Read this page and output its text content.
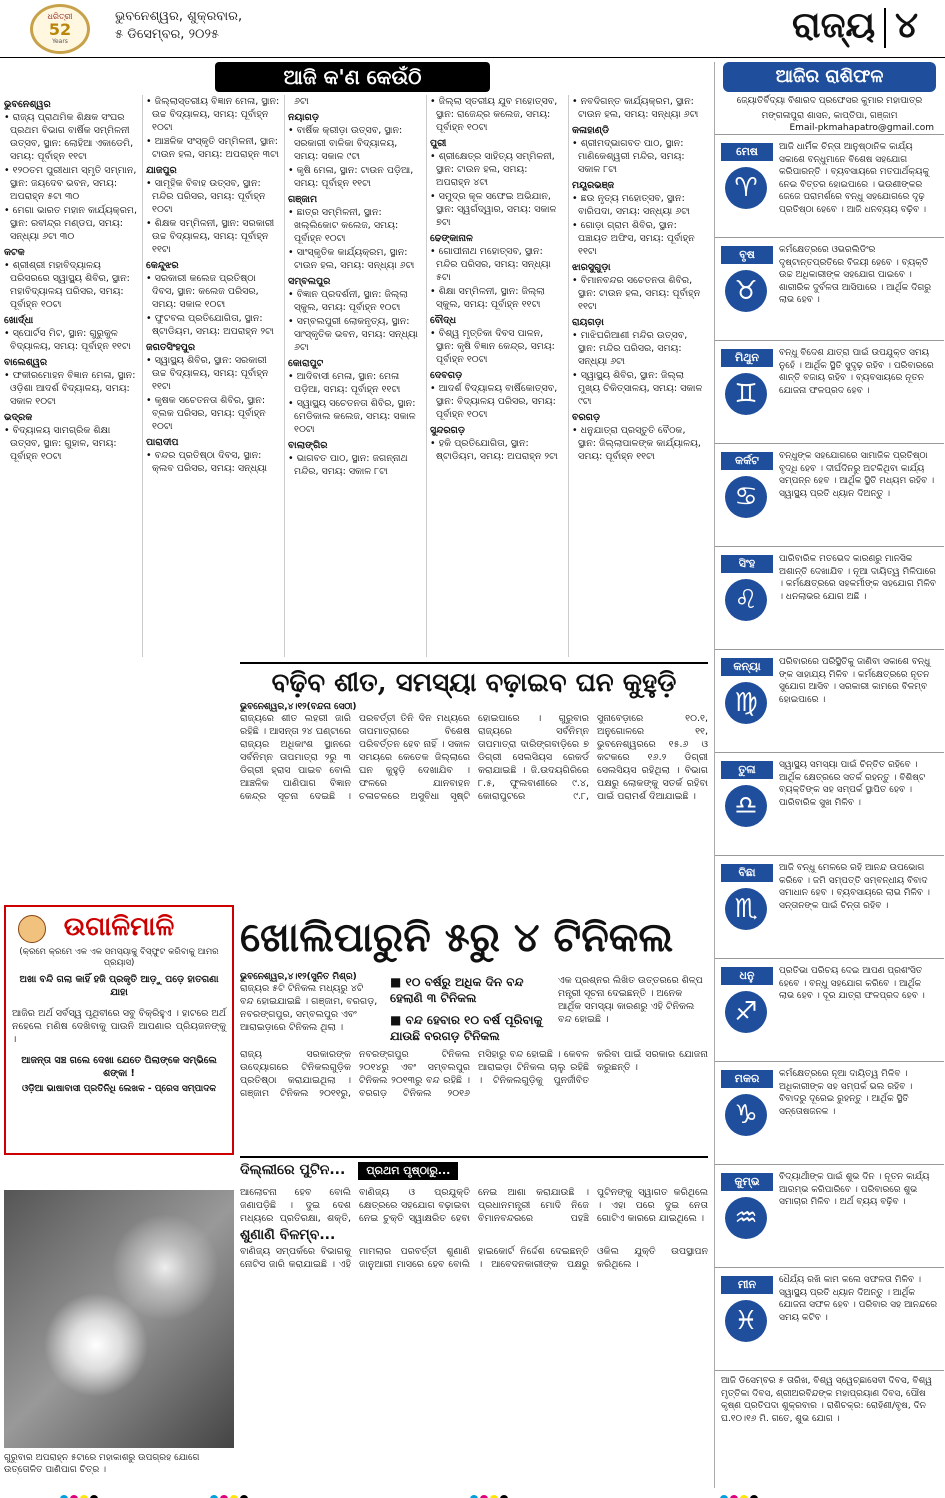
ଧରିତ୍ରୀ
52
Years
ଭୁବନେଶ୍ୱର, ଶୁକ୍ରବାର,
୫ ଡିସେମ୍ବର, ୨୦୨୫	ରାଜ୍ୟ ୪
ଆଜି କ'ଣ କେଉଁଠି
ଭୁବନେଶ୍ୱର
• ରାଜ୍ୟ ପ୍ରାଥମିକ ଶିକ୍ଷକ ସଂଘର ପ୍ରଥମ ବିଭାଗ ବାର୍ଷିକ ସମ୍ମିଳନୀ ଉତ୍ସବ, ସ୍ଥାନ: ଲୋହିଆ ଏକାଡେମି, ସମୟ: ପୂର୍ବାହ୍ନ ୧୧ଟା
• ୧୨୦ତମ ପୁରୀଧାମ ସ୍ମୃତି ସମ୍ମାନ, ସ୍ଥାନ: ଜୟଦେବ ଭବନ, ସମୟ: ଅପରାହ୍ନ ୫ଟା ୩୦
• ମେଗା ଭାରତ ମହାନ କାର୍ଯ୍ୟକ୍ରମ, ସ୍ଥାନ: ରବୀନ୍ଦ୍ର ମଣ୍ଡପ, ସମୟ: ସନ୍ଧ୍ୟା ୬ଟା ୩୦
କଟକ
• ଶ୍ରୀଶ୍ରୀ ମହାବିଦ୍ୟାଳୟ ପରିସରରେ ସ୍ୱାସ୍ଥ୍ୟ ଶିବିର, ସ୍ଥାନ: ମହାବିଦ୍ୟାଳୟ ପରିସର, ସମୟ: ପୂର୍ବାହ୍ନ ୧୦ଟା
ଖୋର୍ଦ୍ଧା
• ସ୍ପୋର୍ଟସ ମିଟ, ସ୍ଥାନ: ଗୁରୁକୁଳ ବିଦ୍ୟାଳୟ, ସମୟ: ପୂର୍ବାହ୍ନ ୧୧ଟା
ବାଲେଶ୍ୱର
• ଫକୀରମୋହନ ବିଜ୍ଞାନ ମେଳା, ସ୍ଥାନ: ଓଡ଼ିଶା ଆଦର୍ଶ ବିଦ୍ୟାଳୟ, ସମୟ: ସକାଳ ୧୦ଟା
ଭଦ୍ରକ
• ବିଦ୍ୟାଳୟ ସାମଗ୍ରିକ ଶିକ୍ଷା ଉତ୍ସବ, ସ୍ଥାନ: ଗୁହାଳ, ସମୟ: ପୂର୍ବାହ୍ନ ୧୦ଟା
• ଜିଲ୍ଲାସ୍ତରୀୟ ବିଜ୍ଞାନ ମେଳା, ସ୍ଥାନ: ଉଚ୍ଚ ବିଦ୍ୟାଳୟ, ସମୟ: ପୂର୍ବାହ୍ନ ୧୦ଟା
• ଆଞ୍ଚଳିକ ସଂସ୍କୃତି ସମ୍ମିଳନୀ, ସ୍ଥାନ: ଟାଉନ ହଲ, ସମୟ: ଅପରାହ୍ନ ୩ଟା
ଯାଜପୁର
• ସାମୂହିକ ବିବାହ ଉତ୍ସବ, ସ୍ଥାନ: ମନ୍ଦିର ପରିସର, ସମୟ: ପୂର୍ବାହ୍ନ ୧୦ଟା
• ଶିକ୍ଷକ ସମ୍ମିଳନୀ, ସ୍ଥାନ: ସରକାରୀ ଉଚ୍ଚ ବିଦ୍ୟାଳୟ, ସମୟ: ପୂର୍ବାହ୍ନ ୧୧ଟା
କେନ୍ଦୁଝର
• ସରକାରୀ କଲେଜ ପ୍ରତିଷ୍ଠା ଦିବସ, ସ୍ଥାନ: କଲେଜ ପରିସର, ସମୟ: ସକାଳ ୧୦ଟା
• ଫୁଟବଲ ପ୍ରତିଯୋଗିତା, ସ୍ଥାନ: ଷ୍ଟାଡିୟମ, ସମୟ: ଅପରାହ୍ନ ୨ଟା
ଜଗତସିଂହପୁର
• ସ୍ୱାସ୍ଥ୍ୟ ଶିବିର, ସ୍ଥାନ: ସରକାରୀ ଉଚ୍ଚ ବିଦ୍ୟାଳୟ, ସମୟ: ପୂର୍ବାହ୍ନ ୧୧ଟା
• କୃଷକ ସଚେତନତା ଶିବିର, ସ୍ଥାନ: ବ୍ଲକ ପରିସର, ସମୟ: ପୂର୍ବାହ୍ନ ୧୦ଟା
ପାରାଦୀପ
• ବନ୍ଦର ପ୍ରତିଷ୍ଠା ଦିବସ, ସ୍ଥାନ: କ୍ଲବ ପରିସର, ସମୟ: ସନ୍ଧ୍ୟା ୬ଟା
ନୟାଗଡ଼
• ବାର୍ଷିକ କ୍ରୀଡ଼ା ଉତ୍ସବ, ସ୍ଥାନ: ସରକାରୀ ବାଳିକା ବିଦ୍ୟାଳୟ, ସମୟ: ସକାଳ ୯ଟା
• କୃଷି ମେଳା, ସ୍ଥାନ: ଟାଉନ ପଡ଼ିଆ, ସମୟ: ପୂର୍ବାହ୍ନ ୧୧ଟା
ଗଞ୍ଜାମ
• ଛାତ୍ର ସମ୍ମିଳନୀ, ସ୍ଥାନ: ଖଲ୍ଲିକୋଟ କଲେଜ, ସମୟ: ପୂର୍ବାହ୍ନ ୧୦ଟା
• ସାଂସ୍କୃତିକ କାର୍ଯ୍ୟକ୍ରମ, ସ୍ଥାନ: ଟାଉନ ହଲ, ସମୟ: ସନ୍ଧ୍ୟା ୬ଟା
ସମ୍ବଲପୁର
• ବିଜ୍ଞାନ ପ୍ରଦର୍ଶନୀ, ସ୍ଥାନ: ଜିଲ୍ଲା ସ୍କୁଲ, ସମୟ: ପୂର୍ବାହ୍ନ ୧୦ଟା
• ସମ୍ବଲପୁରୀ ଲୋକନୃତ୍ୟ, ସ୍ଥାନ: ସାଂସ୍କୃତିକ ଭବନ, ସମୟ: ସନ୍ଧ୍ୟା ୬ଟା
କୋରାପୁଟ
• ଆଦିବାସୀ ମେଳା, ସ୍ଥାନ: ମେଳା ପଡ଼ିଆ, ସମୟ: ପୂର୍ବାହ୍ନ ୧୧ଟା
• ସ୍ୱାସ୍ଥ୍ୟ ସଚେତନତା ଶିବିର, ସ୍ଥାନ: ମେଡିକାଲ କଲେଜ, ସମୟ: ସକାଳ ୧୦ଟା
ବାଲାଙ୍ଗିର
• ଭାଗବତ ପାଠ, ସ୍ଥାନ: ଜଗନ୍ନାଥ ମନ୍ଦିର, ସମୟ: ସକାଳ ୮ଟା
• ଜିଲ୍ଲା ସ୍ତରୀୟ ଯୁବ ମହୋତ୍ସବ, ସ୍ଥାନ: ରାଜେନ୍ଦ୍ର କଲେଜ, ସମୟ: ପୂର୍ବାହ୍ନ ୧୦ଟା
ପୁରୀ
• ଶ୍ରୀକ୍ଷେତ୍ର ସାହିତ୍ୟ ସମ୍ମିଳନୀ, ସ୍ଥାନ: ଟାଉନ ହଲ, ସମୟ: ଅପରାହ୍ନ ୪ଟା
• ସମୁଦ୍ର କୂଳ ସଫେଇ ଅଭିଯାନ, ସ୍ଥାନ: ସ୍ୱର୍ଗଦ୍ୱାର, ସମୟ: ସକାଳ ୭ଟା
ଢେଙ୍କାନାଳ
• ଗୋପୀନାଥ ମହୋତ୍ସବ, ସ୍ଥାନ: ମନ୍ଦିର ପରିସର, ସମୟ: ସନ୍ଧ୍ୟା ୫ଟା
• ଶିକ୍ଷା ସମ୍ମିଳନୀ, ସ୍ଥାନ: ଜିଲ୍ଲା ସ୍କୁଲ, ସମୟ: ପୂର୍ବାହ୍ନ ୧୧ଟା
ବୌଦ୍ଧ
• ବିଶ୍ୱ ମୃତ୍ତିକା ଦିବସ ପାଳନ, ସ୍ଥାନ: କୃଷି ବିଜ୍ଞାନ କେନ୍ଦ୍ର, ସମୟ: ପୂର୍ବାହ୍ନ ୧୦ଟା
ଦେବଗଡ଼
• ଆଦର୍ଶ ବିଦ୍ୟାଳୟ ବାର୍ଷିକୋତ୍ସବ, ସ୍ଥାନ: ବିଦ୍ୟାଳୟ ପରିସର, ସମୟ: ପୂର୍ବାହ୍ନ ୧୦ଟା
ସୁନ୍ଦରଗଡ଼
• ହକି ପ୍ରତିଯୋଗିତା, ସ୍ଥାନ: ଷ୍ଟାଡିୟମ, ସମୟ: ଅପରାହ୍ନ ୨ଟା
• ନବଦିଗନ୍ତ କାର୍ଯ୍ୟକ୍ରମ, ସ୍ଥାନ: ଟାଉନ ହଲ, ସମୟ: ସନ୍ଧ୍ୟା ୬ଟା
କଳାହାଣ୍ଡି
• ଶ୍ରୀମଦ୍ଭାଗବତ ପାଠ, ସ୍ଥାନ: ମାଣିକେଶ୍ୱରୀ ମନ୍ଦିର, ସମୟ: ସକାଳ ୮ଟା
ମୟୂରଭଞ୍ଜ
• ଛଉ ନୃତ୍ୟ ମହୋତ୍ସବ, ସ୍ଥାନ: ବାରିପଦା, ସମୟ: ସନ୍ଧ୍ୟା ୬ଟା
• ଗୋଡ଼ା ଗ୍ରାମ ଶିବିର, ସ୍ଥାନ: ପଞ୍ଚାୟତ ଅଫିସ, ସମୟ: ପୂର୍ବାହ୍ନ ୧୧ଟା
ଝାରସୁଗୁଡ଼ା
• ବିମାନବନ୍ଦର ସଚେତନତା ଶିବିର, ସ୍ଥାନ: ଟାଉନ ହଲ, ସମୟ: ପୂର୍ବାହ୍ନ ୧୧ଟା
ରାୟଗଡ଼ା
• ମାଝିଘରିଆଣୀ ମନ୍ଦିର ଉତ୍ସବ, ସ୍ଥାନ: ମନ୍ଦିର ପରିସର, ସମୟ: ସନ୍ଧ୍ୟା ୬ଟା
• ସ୍ୱାସ୍ଥ୍ୟ ଶିବିର, ସ୍ଥାନ: ଜିଲ୍ଲା ମୁଖ୍ୟ ଚିକିତ୍ସାଳୟ, ସମୟ: ସକାଳ ୯ଟା
ବରଗଡ଼
• ଧନୁଯାତ୍ରା ପ୍ରସ୍ତୁତି ବୈଠକ, ସ୍ଥାନ: ଜିଲ୍ଲାପାଳଙ୍କ କାର୍ଯ୍ୟାଳୟ, ସମୟ: ପୂର୍ବାହ୍ନ ୧୧ଟା
ଆଜିର ରାଶିଫଳ
ଜ୍ୟୋତିର୍ବିଦ୍ୟା ବିଶାରଦ ପ୍ରଫେସର କୁମାର ମହାପାତ୍ର
ମଙ୍ଗଳାପୁରା ଶାସନ, କାପ୍ତିପା, ଗଞ୍ଜାମ
Email-pkmahapatro@gmail.com
ମେଷ
♈
ଆଜି ଧାର୍ମିକ ଚିନ୍ତା ଆନୁଷ୍ଠାନିକ କାର୍ଯ୍ୟ ସକାଶେ ବନ୍ଧୁମାନେ ବିଶେଷ ସହଯୋଗ କରିପାରନ୍ତି । ବ୍ୟବସାୟରେ ମତପାର୍ଥକ୍ୟକୁ ନେଇ ବିତ୍ତର ହୋଇପାରେ । ଭଉଣୀଙ୍କର ଜେଜେ ପରାମର୍ଶରେ ବନ୍ଧୁ ସହଯୋଗରେ ଦୃଢ଼ ପ୍ରତିଷ୍ଠା ହେବେ । ଆଜି ଧନବ୍ୟୟ ବଢ଼ିବ ।
ବୃଷ
♉
କର୍ମକ୍ଷେତ୍ରରେ ଓଭରଲିଡିଂର ଦୃଷ୍ଟାନ୍ତପ୍ରତିରେ ବିଜୟୀ ହେବେ । ବ୍ୟକ୍ତି ଉଚ୍ଚ ଅଧିକାରୀଙ୍କ ସହଯୋଗ ପାଇବେ । ଶାରୀରିକ ଦୁର୍ବଳତା ଆସିପାରେ । ଆର୍ଥିକ ଦିଗରୁ ଲାଭ ହେବ ।
ମିଥୁନ
♊
ବନ୍ଧୁ ବିଦେଶ ଯାତ୍ରା ପାଇଁ ଉପଯୁକ୍ତ ସମୟ ନୁହେଁ । ଆର୍ଥିକ ସ୍ଥିତି ସୁଦୃଢ଼ ରହିବ । ପରିବାରରେ ଶାନ୍ତି ବଜାୟ ରହିବ । ବ୍ୟବସାୟରେ ନୂତନ ଯୋଜନା ଫଳପ୍ରଦ ହେବ ।
କର୍କଟ
♋
ବନ୍ଧୁଙ୍କ ସହଯୋଗରେ ସାମାଜିକ ପ୍ରତିଷ୍ଠା ବୃଦ୍ଧି ହେବ । ଦୀର୍ଘଦିନରୁ ଅଟକିଥିବା କାର୍ଯ୍ୟ ସମ୍ପନ୍ନ ହେବ । ଆର୍ଥିକ ସ୍ଥିତି ମଧ୍ୟମ ରହିବ । ସ୍ୱାସ୍ଥ୍ୟ ପ୍ରତି ଧ୍ୟାନ ଦିଅନ୍ତୁ ।
ସିଂହ
♌
ପାରିବାରିକ ମତଭେଦ କାରଣରୁ ମାନସିକ ଅଶାନ୍ତି ଦେଖାଯିବ । ନୂଆ ଦାୟିତ୍ୱ ମିଳିପାରେ । କର୍ମକ୍ଷେତ୍ରରେ ସହକର୍ମୀଙ୍କ ସହଯୋଗ ମିଳିବ । ଧନଲାଭର ଯୋଗ ଅଛି ।
କନ୍ୟା
♍
ପରିବାରରେ ପରିସ୍ଥିତିକୁ ଜାଣିବା ସକାଶେ ବନ୍ଧୁ ଙ୍କ ସାହାଯ୍ୟ ମିଳିବ । କର୍ମକ୍ଷେତ୍ରରେ ନୂତନ ସୁଯୋଗ ଆସିବ । ସରକାରୀ କାମରେ ବିଳମ୍ବ ହୋଇପାରେ ।
ତୁଳା
♎
ସ୍ୱାସ୍ଥ୍ୟ ସମସ୍ୟା ପାଇଁ ଚିନ୍ତିତ ରହିବେ । ଆର୍ଥିକ କ୍ଷେତ୍ରରେ ସତର୍କ ରହନ୍ତୁ । ବିଶିଷ୍ଟ ବ୍ୟକ୍ତିଙ୍କ ସହ ସମ୍ପର୍କ ସ୍ଥାପିତ ହେବ । ପାରିବାରିକ ସୁଖ ମିଳିବ ।
ବିଛା
♏
ଆଜି ବନ୍ଧୁ ମେଳରେ ରହି ଆନନ୍ଦ ଉପଭୋଗ କରିବେ । ଜମି ସମ୍ପତ୍ତି ସମ୍ବନ୍ଧୀୟ ବିବାଦ ସମାଧାନ ହେବ । ବ୍ୟବସାୟରେ ଲାଭ ମିଳିବ । ସନ୍ତାନଙ୍କ ପାଇଁ ଚିନ୍ତା ରହିବ ।
ଧନୁ
♐
ପ୍ରତିଭା ପରିଚୟ ଦେଇ ଆପଣ ପ୍ରଶଂସିତ ହେବେ । ବନ୍ଧୁ ସହଯୋଗ କରିବେ । ଆର୍ଥିକ ଲାଭ ହେବ । ଦୂର ଯାତ୍ରା ଫଳପ୍ରଦ ହେବ ।
ମକର
♑
କର୍ମକ୍ଷେତ୍ରରେ ନୂଆ ଦାୟିତ୍ୱ ମିଳିବ । ଅଧିକାରୀଙ୍କ ସହ ସମ୍ପର୍କ ଭଲ ରହିବ । ବିବାଦରୁ ଦୂରେଇ ରୁହନ୍ତୁ । ଆର୍ଥିକ ସ୍ଥିତି ସନ୍ତୋଷଜନକ ।
କୁମ୍ଭ
♒
ବିଦ୍ୟାର୍ଥୀଙ୍କ ପାଇଁ ଶୁଭ ଦିନ । ନୂତନ କାର୍ଯ୍ୟ ଆରମ୍ଭ କରିପାରିବେ । ପରିବାରରେ ଶୁଭ ସମାଚାର ମିଳିବ । ଅର୍ଥ ବ୍ୟୟ ବଢ଼ିବ ।
ମୀନ
♓
ଧୈର୍ଯ୍ୟ ରଖି କାମ କଲେ ସଫଳତା ମିଳିବ । ସ୍ୱାସ୍ଥ୍ୟ ପ୍ରତି ଧ୍ୟାନ ଦିଅନ୍ତୁ । ଆର୍ଥିକ ଯୋଜନା ସଫଳ ହେବ । ପରିବାର ସହ ଆନନ୍ଦରେ ସମୟ କଟିବ ।
ଆଜି ଡିସେମ୍ବର ୫ ତାରିଖ, ବିଶ୍ୱ ସ୍ୱେଚ୍ଛାସେବୀ ଦିବସ, ବିଶ୍ୱ ମୃତ୍ତିକା ଦିବସ, ଶ୍ରୀଅରବିନ୍ଦଙ୍କ ମହାପ୍ରୟାଣ ଦିବସ, ପୌଷ କୃଷ୍ଣ ପ୍ରତିପଦା ଶୁକ୍ରବାର । ରାଶିଚକ୍ର: ରୋହିଣୀ/ବୃଷ, ଦିନ ଘ.୧୦।୧୬ ମି. ଗତେ, ଶୁଭ ଯୋଗ ।
ବଢ଼ିବ ଶୀତ, ସମସ୍ୟା ବଢ଼ାଇବ ଘନ କୁହୁଡ଼ି
ଭୁବନେଶ୍ୱର,୪।୧୨(ବନ୍ଦନା ସେଠୀ)
ରାଜ୍ୟରେ ଶୀତ ଲହରୀ ଜାରି ରହିଛି । ଆସନ୍ତା ୨୪ ଘଣ୍ଟାରେ ରାଜ୍ୟର ଅଧିକାଂଶ ସ୍ଥାନରେ ସର୍ବନିମ୍ନ ତାପମାତ୍ରା ୨ରୁ ୩ ଡିଗ୍ରୀ ହ୍ରାସ ପାଇବ ବୋଲି ଆଞ୍ଚଳିକ ପାଣିପାଗ ବିଜ୍ଞାନ କେନ୍ଦ୍ର ସୂଚନା ଦେଇଛି । ପରବର୍ତ୍ତୀ ତିନି ଦିନ ମଧ୍ୟରେ ତାପମାତ୍ରାରେ ବିଶେଷ ପରିବର୍ତ୍ତନ ହେବ ନାହିଁ । ସକାଳ ସମୟରେ କେତେକ ଜିଲ୍ଲାରେ ଘନ କୁହୁଡ଼ି ଦେଖାଯିବ । ଫଳରେ ଯାନବାହନ ଚଳାଚଳରେ ଅସୁବିଧା ସୃଷ୍ଟି ହୋଇପାରେ । ଗୁରୁବାର ରାଜ୍ୟରେ ସର୍ବନିମ୍ନ ତାପମାତ୍ରା ଦାରିଙ୍ଗବାଡ଼ିରେ ୭ ଡିଗ୍ରୀ ସେଲସିୟସ ରେକର୍ଡ କରାଯାଇଛି । ଜି.ଉଦୟଗିରିରେ ୮.୫, ଫୁଲବାଣୀରେ ୯.୪, କୋରାପୁଟରେ ୯.୮, ସୁନାବେଡ଼ାରେ ୧୦.୧, ଅନୁଗୋଳରେ ୧୧, ଭୁବନେଶ୍ୱରରେ ୧୫.୬ ଓ କଟକରେ ୧୬.୨ ଡିଗ୍ରୀ ସେଲସିୟସ ରହିଥିଲା । ବିଭାଗ ପକ୍ଷରୁ ଲୋକଙ୍କୁ ସତର୍କ ରହିବା ପାଇଁ ପରାମର୍ଶ ଦିଆଯାଇଛି ।
ଉଗାଳିମାଳି
(କ୍ରମେ କ୍ରମେ ଏକ ଏକ ସମସ୍ୟାକୁ ବିସ୍ଫୁଟ କରିବାକୁ ଆମର ପ୍ରୟାସ)
ଅଖା ବନ୍ଦି ଗଲା କାହିଁ ହଜି ପ୍ରକୃତି ଆଡ଼ୁ ପଡ଼େ ହାତଗଣା ଯାହା
ଆଜିର ଅର୍ଥ ସର୍ବସ୍ୱ ପୃଥିବୀରେ ସବୁ ବିକ୍ରିହୁଏ । ହାଟରେ ଅର୍ଥ ନହେଲେ ମଣିଷ ଦେଖିବାକୁ ପାଉନି ଆପଣାର ପ୍ରିୟଜନଙ୍କୁ ।
ଆଜନ୍ତା ସଞ୍ଚ ଗଲେ ଦେଖା ଯେତେ ପିଲାଙ୍କେ ସମ୍ଭିଲେ ଶଙ୍କା !
ଓଡ଼ିଆ ଭାଷାବାସୀ ପ୍ରତିନିଧି ଲେଖକ - ପ୍ରେସ ସମ୍ପାଦକ
ଗୁରୁବାର ଅପରାହ୍ନ ୫ଟାରେ ମହାକାଶରୁ ଉପଗ୍ରହ ଯୋଗେ ଉତ୍ତୋଳିତ ପାଣିପାଗ ଚିତ୍ର ।
ଖୋଲିପାରୁନି ୫ରୁ ୪ ଟିନିକଲ
ଭୁବନେଶ୍ୱର,୪।୧୨(ସୁନିତ ମିଶ୍ର)
ରାଜ୍ୟର ୫ଟି ଟିନିକଲ ମଧ୍ୟରୁ ୪ଟି ବନ୍ଦ ହୋଇଯାଇଛି । ଗଞ୍ଜାମ, ବରଗଡ଼, ନବରଙ୍ଗପୁର, ସମ୍ବଲପୁର ଏବଂ ଆରାଇଡ଼ାରେ ଟିନିକଲ ଥିଲା ।

■ ୧୦ ବର୍ଷରୁ ଅଧିକ ଦିନ ବନ୍ଦ ହେଲାଣି ୩ ଟିନିକଲ

■ ବନ୍ଦ ହେବାର ୧୦ ବର୍ଷ ପୂରିବାକୁ ଯାଉଛି ବରଗଡ଼ ଟିନିକଲ

ଏକ ପ୍ରଶ୍ନର ଲିଖିତ ଉତ୍ତରରେ ଶିଳ୍ପ ମନ୍ତ୍ରୀ ସୂଚନା ଦେଇଛନ୍ତି । ଅନେକ ଆର୍ଥିକ ସମସ୍ୟା କାରଣରୁ ଏହି ଟିନିକଲ ବନ୍ଦ ହୋଇଛି ।
ରାଜ୍ୟ ସରକାରଙ୍କ ଉଦ୍ୟୋଗରେ ଟିନିକଲଗୁଡ଼ିକ ପ୍ରତିଷ୍ଠା କରାଯାଇଥିଲା । ଗଞ୍ଜାମ ଟିନିକଲ ୨୦୧୧ରୁ, ନବରଙ୍ଗପୁର ଟିନିକଲ ୨୦୧୪ରୁ ଏବଂ ସମ୍ବଲପୁର ଟିନିକଲ ୨୦୧୩ରୁ ବନ୍ଦ ରହିଛି । ବରଗଡ଼ ଟିନିକଲ ୨୦୧୬ ମସିହାରୁ ବନ୍ଦ ହୋଇଛି । କେବଳ ଆରାଇଡ଼ା ଟିନିକଲ ଚାଲୁ ରହିଛି । ଟିନିକଲଗୁଡ଼ିକୁ ପୁନର୍ଜୀବିତ କରିବା ପାଇଁ ସରକାର ଯୋଜନା କରୁଛନ୍ତି ।
ଦିଲ୍ଲୀରେ ପୁଟିନ... ପ୍ରଥମ ପୃଷ୍ଠାରୁ...
ଆଲୋଚନା ହେବ ବୋଲି ଜଣାପଡ଼ିଛି । ଦୁଇ ଦେଶ ମଧ୍ୟରେ ପ୍ରତିରକ୍ଷା, ଶକ୍ତି, ବାଣିଜ୍ୟ ଓ ପ୍ରଯୁକ୍ତି କ୍ଷେତ୍ରରେ ସହଯୋଗ ବଢ଼ାଇବା ନେଇ ଚୁକ୍ତି ସ୍ୱାକ୍ଷରିତ ହେବା ନେଇ ଆଶା କରାଯାଉଛି । ପ୍ରଧାନମନ୍ତ୍ରୀ ମୋଦି ନିଜେ ବିମାନବନ୍ଦରରେ ପହଞ୍ଚି ପୁଟିନଙ୍କୁ ସ୍ୱାଗତ କରିଥିଲେ । ଏହା ପରେ ଦୁଇ ନେତା ଗୋଟିଏ କାରରେ ଯାଇଥିଲେ ।
ଶୁଣାଣି ବିଳମ୍ବ...
ବାଣିଜ୍ୟ ସମ୍ପର୍କରେ ବିଭାଗକୁ ନୋଟିସ ଜାରି କରାଯାଇଛି । ଏହି ମାମଲାର ପରବର୍ତ୍ତୀ ଶୁଣାଣି ଜାନୁଆରୀ ମାସରେ ହେବ ବୋଲି ହାଇକୋର୍ଟ ନିର୍ଦ୍ଦେଶ ଦେଇଛନ୍ତି । ଆବେଦନକାରୀଙ୍କ ପକ୍ଷରୁ ଓକିଲ ଯୁକ୍ତି ଉପସ୍ଥାପନ କରିଥିଲେ ।
